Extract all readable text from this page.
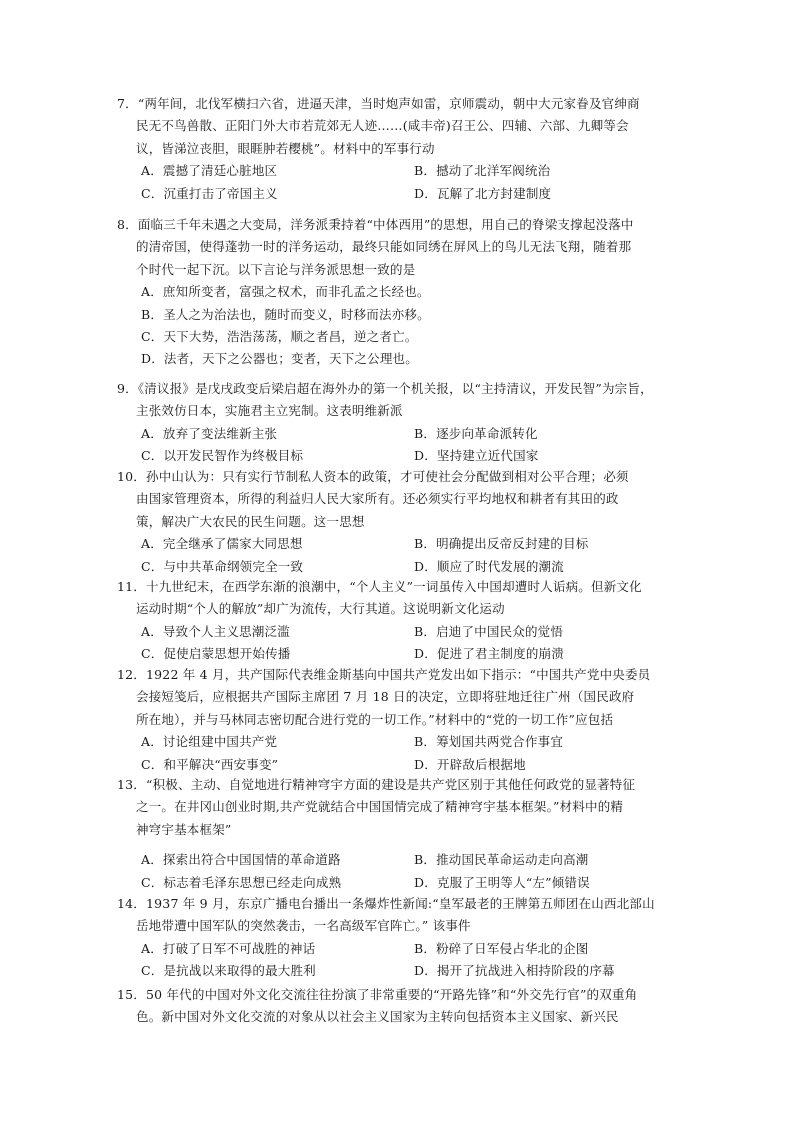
7．“两年间，北伐军横扫六省，进逼天津，当时炮声如雷，京师震动，朝中大元家眷及官绅商
民无不鸟兽散、正阳门外大市若荒郊无人迹……(咸丰帝)召王公、四辅、六部、九卿等会
议，皆涕泣丧胆，眼睚肿若樱桃”。材料中的军事行动
A．震撼了清廷心脏地区	B．撼动了北洋军阀统治
C．沉重打击了帝国主义	D．瓦解了北方封建制度
8．面临三千年未遇之大变局，洋务派秉持着“中体西用”的思想，用自己的脊梁支撑起没落中
的清帝国，使得蓬勃一时的洋务运动，最终只能如同绣在屏风上的鸟儿无法飞翔，随着那
个时代一起下沉。以下言论与洋务派思想一致的是
A．庶知所变者，富强之权术，而非孔孟之长经也。
B．圣人之为治法也，随时而变义，时移而法亦移。
C．天下大势，浩浩荡荡，顺之者昌，逆之者亡。
D．法者，天下之公器也；变者，天下之公理也。
9．《清议报》是戊戌政变后梁启超在海外办的第一个机关报，以“主持清议，开发民智”为宗旨，
主张效仿日本，实施君主立宪制。这表明维新派
A．放弃了变法维新主张	B．逐步向革命派转化
C．以开发民智作为终极目标	D．坚持建立近代国家
10．孙中山认为：只有实行节制私人资本的政策，才可使社会分配做到相对公平合理；必须
由国家管理资本，所得的利益归人民大家所有。还必须实行平均地权和耕者有其田的政
策，解决广大农民的民生问题。这一思想
A．完全继承了儒家大同思想	B．明确提出反帝反封建的目标
C．与中共革命纲领完全一致	D．顺应了时代发展的潮流
11．十九世纪末，在西学东渐的浪潮中，“个人主义”一词虽传入中国却遭时人诟病。但新文化
运动时期“个人的解放”却广为流传，大行其道。这说明新文化运动
A．导致个人主义思潮泛滥	B．启迪了中国民众的觉悟
C．促使启蒙思想开始传播	D．促进了君主制度的崩溃
12．1922 年 4 月，共产国际代表维金斯基向中国共产党发出如下指示：“中国共产党中央委员
会接短笺后，应根据共产国际主席团 7 月 18 日的决定，立即将驻地迁往广州（国民政府
所在地），并与马林同志密切配合进行党的一切工作。”材料中的“党的一切工作”应包括
A．讨论组建中国共产党	B．筹划国共两党合作事宜
C．和平解决“西安事变”	D．开辟敌后根据地
13．“积极、主动、自觉地进行精神穹宇方面的建设是共产党区别于其他任何政党的显著特征
之一。在井冈山创业时期,共产党就结合中国国情完成了精神穹宇基本框架。”材料中的精
神穹宇基本框架”
A．探索出符合中国国情的革命道路	B．推动国民革命运动走向高潮
C．标志着毛泽东思想已经走向成熟	D．克服了王明等人“左”倾错误
14．1937 年 9 月，东京广播电台播出一条爆炸性新闻:“皇军最老的王牌第五师团在山西北部山
岳地带遭中国军队的突然袭击，一名高级军官阵亡。” 该事件
A．打破了日军不可战胜的神话	B．粉碎了日军侵占华北的企图
C．是抗战以来取得的最大胜利	D．揭开了抗战进入相持阶段的序幕
15．50 年代的中国对外文化交流往往扮演了非常重要的“开路先锋”和“外交先行官”的双重角
色。新中国对外文化交流的对象从以社会主义国家为主转向包括资本主义国家、新兴民
